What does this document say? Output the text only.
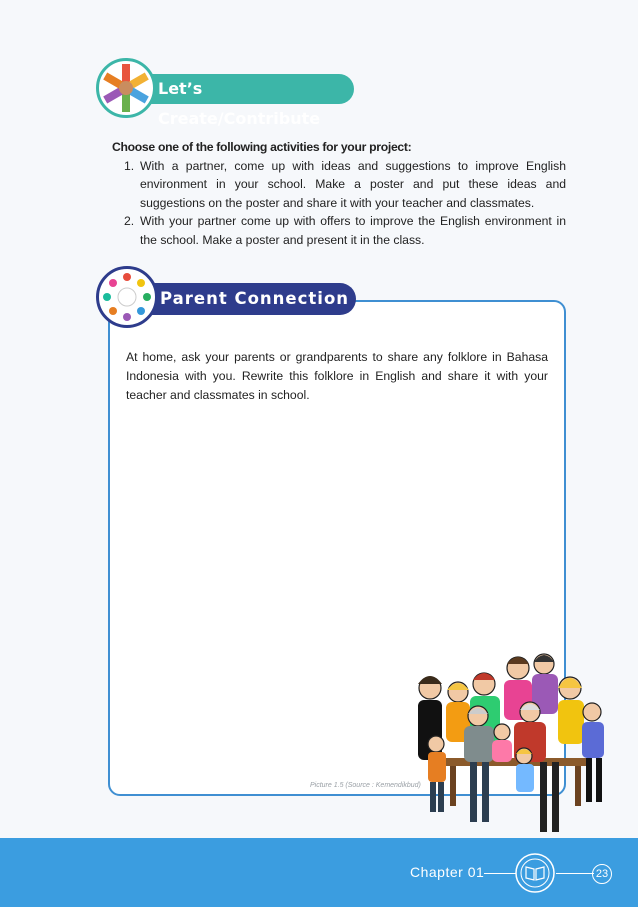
Let’s Create/Contribute
Choose one of the following activities for your project:
1. With a partner, come up with ideas and suggestions to improve English environment in your school. Make a poster and put these ideas and suggestions on the poster and share it with your teacher and classmates.
2. With your partner come up with offers to improve the English environment in the school. Make a poster and present it in the class.
Parent Connection
At home, ask your parents or grandparents to share any folklore in Bahasa Indonesia with you. Rewrite this folklore in English and share it with your teacher and classmates in school.
Picture 1.5 (Source : Kemendikbud)
Chapter 01	23
